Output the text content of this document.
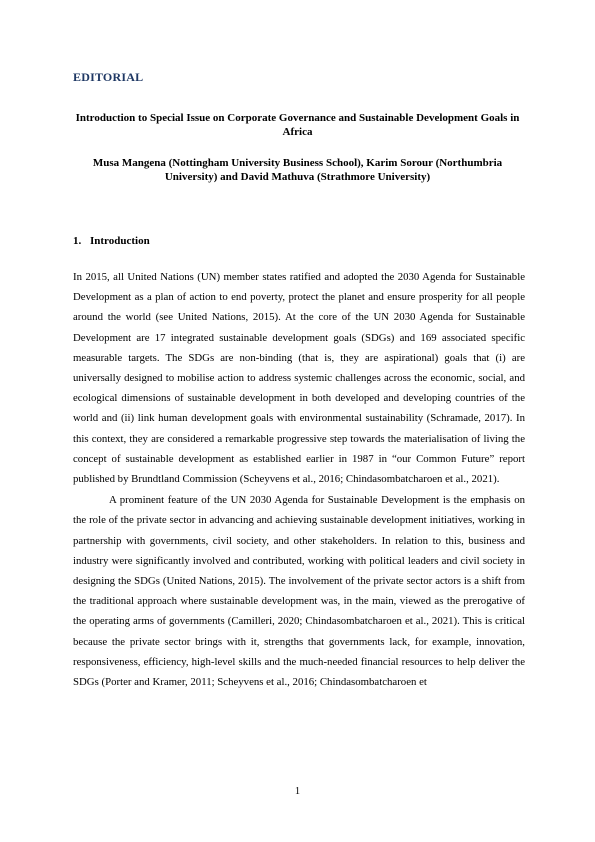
EDITORIAL
Introduction to Special Issue on Corporate Governance and Sustainable Development Goals in Africa
Musa Mangena (Nottingham University Business School), Karim Sorour (Northumbria University) and David Mathuva (Strathmore University)
1. Introduction

In 2015, all United Nations (UN) member states ratified and adopted the 2030 Agenda for Sustainable Development as a plan of action to end poverty, protect the planet and ensure prosperity for all people around the world (see United Nations, 2015). At the core of the UN 2030 Agenda for Sustainable Development are 17 integrated sustainable development goals (SDGs) and 169 associated specific measurable targets. The SDGs are non-binding (that is, they are aspirational) goals that (i) are universally designed to mobilise action to address systemic challenges across the economic, social, and ecological dimensions of sustainable development in both developed and developing countries of the world and (ii) link human development goals with environmental sustainability (Schramade, 2017). In this context, they are considered a remarkable progressive step towards the materialisation of living the concept of sustainable development as established earlier in 1987 in “our Common Future” report published by Brundtland Commission (Scheyvens et al., 2016; Chindasombatcharoen et al., 2021).

A prominent feature of the UN 2030 Agenda for Sustainable Development is the emphasis on the role of the private sector in advancing and achieving sustainable development initiatives, working in partnership with governments, civil society, and other stakeholders. In relation to this, business and industry were significantly involved and contributed, working with political leaders and civil society in designing the SDGs (United Nations, 2015). The involvement of the private sector actors is a shift from the traditional approach where sustainable development was, in the main, viewed as the prerogative of the operating arms of governments (Camilleri, 2020; Chindasombatcharoen et al., 2021). This is critical because the private sector brings with it, strengths that governments lack, for example, innovation, responsiveness, efficiency, high-level skills and the much-needed financial resources to help deliver the SDGs (Porter and Kramer, 2011; Scheyvens et al., 2016; Chindasombatcharoen et

1
